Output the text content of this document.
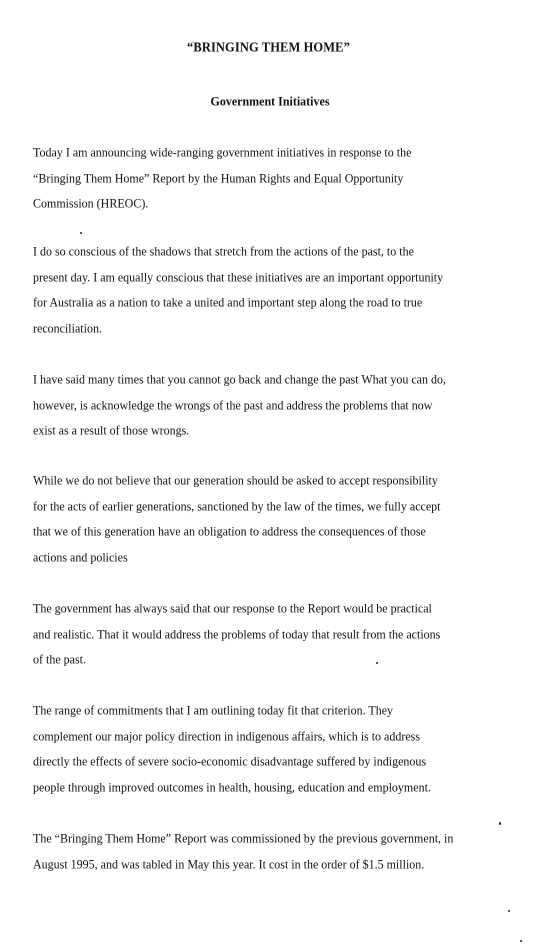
“BRINGING THEM HOME”
Government Initiatives
Today I am announcing wide-ranging government initiatives in response to the
“Bringing Them Home” Report by the Human Rights and Equal Opportunity
Commission (HREOC).
I do so conscious of the shadows that stretch from the actions of the past, to the
present day. I am equally conscious that these initiatives are an important opportunity
for Australia as a nation to take a united and important step along the road to true
reconciliation.
I have said many times that you cannot go back and change the past What you can do,
however, is acknowledge the wrongs of the past and address the problems that now
exist as a result of those wrongs.
While we do not believe that our generation should be asked to accept responsibility
for the acts of earlier generations, sanctioned by the law of the times, we fully accept
that we of this generation have an obligation to address the consequences of those
actions and policies
The government has always said that our response to the Report would be practical
and realistic. That it would address the problems of today that result from the actions
of the past.
The range of commitments that I am outlining today fit that criterion. They
complement our major policy direction in indigenous affairs, which is to address
directly the effects of severe socio-economic disadvantage suffered by indigenous
people through improved outcomes in health, housing, education and employment.
The “Bringing Them Home” Report was commissioned by the previous government, in
August 1995, and was tabled in May this year. It cost in the order of $1.5 million.
